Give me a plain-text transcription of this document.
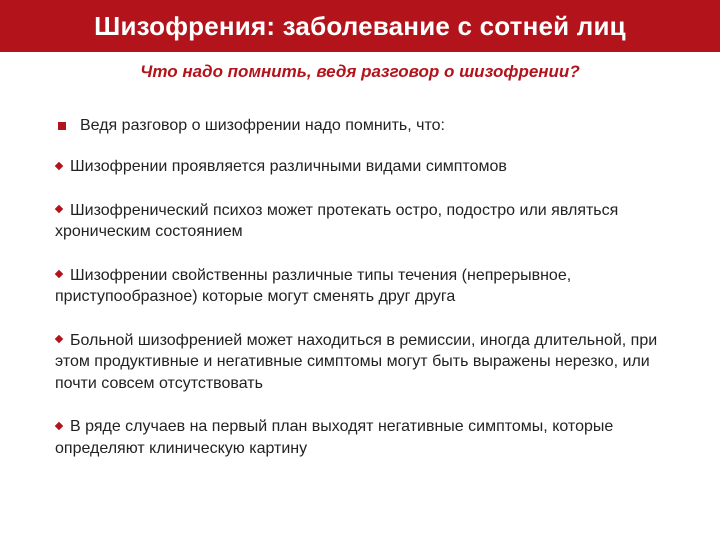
Шизофрения: заболевание с сотней лиц
Что надо помнить, ведя разговор о шизофрении?
Ведя разговор о шизофрении надо помнить, что:
Шизофрении проявляется различными видами симптомов
Шизофренический психоз может протекать остро, подостро или являться хроническим состоянием
Шизофрении свойственны различные типы течения (непрерывное, приступообразное) которые могут сменять друг друга
Больной шизофренией может находиться в ремиссии, иногда длительной, при этом продуктивные и негативные симптомы могут быть выражены нерезко, или почти совсем отсутствовать
В ряде случаев на первый план выходят негативные симптомы, которые определяют клиническую картину
